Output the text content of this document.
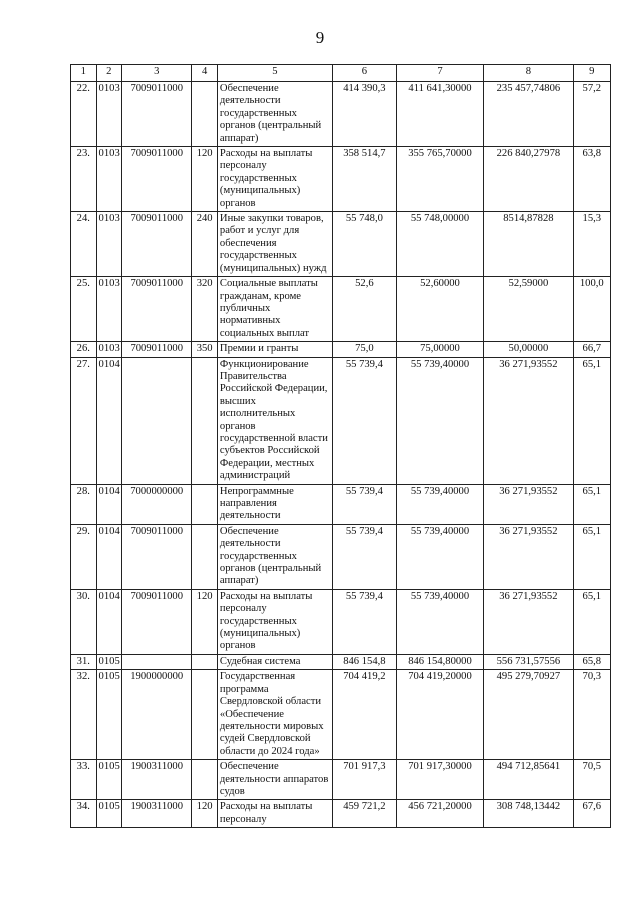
9
1	2	3	4	5	6	7	8	9
22.	0103	7009011000		Обеспечение деятельности государственных органов (центральный аппарат)	414 390,3	411 641,30000	235 457,74806	57,2
23.	0103	7009011000	120	Расходы на выплаты персоналу государственных (муниципальных) органов	358 514,7	355 765,70000	226 840,27978	63,8
24.	0103	7009011000	240	Иные закупки товаров, работ и услуг для обеспечения государственных (муниципальных) нужд	55 748,0	55 748,00000	8514,87828	15,3
25.	0103	7009011000	320	Социальные выплаты гражданам, кроме публичных нормативных социальных выплат	52,6	52,60000	52,59000	100,0
26.	0103	7009011000	350	Премии и гранты	75,0	75,00000	50,00000	66,7
27.	0104			Функционирование Правительства Российской Федерации, высших исполнительных органов государственной власти субъектов Российской Федерации, местных администраций	55 739,4	55 739,40000	36 271,93552	65,1
28.	0104	7000000000		Непрограммные направления деятельности	55 739,4	55 739,40000	36 271,93552	65,1
29.	0104	7009011000		Обеспечение деятельности государственных органов (центральный аппарат)	55 739,4	55 739,40000	36 271,93552	65,1
30.	0104	7009011000	120	Расходы на выплаты персоналу государственных (муниципальных) органов	55 739,4	55 739,40000	36 271,93552	65,1
31.	0105			Судебная система	846 154,8	846 154,80000	556 731,57556	65,8
32.	0105	1900000000		Государственная программа Свердловской области «Обеспечение деятельности мировых судей Свердловской области до 2024 года»	704 419,2	704 419,20000	495 279,70927	70,3
33.	0105	1900311000		Обеспечение деятельности аппаратов судов	701 917,3	701 917,30000	494 712,85641	70,5
34.	0105	1900311000	120	Расходы на выплаты персоналу	459 721,2	456 721,20000	308 748,13442	67,6
